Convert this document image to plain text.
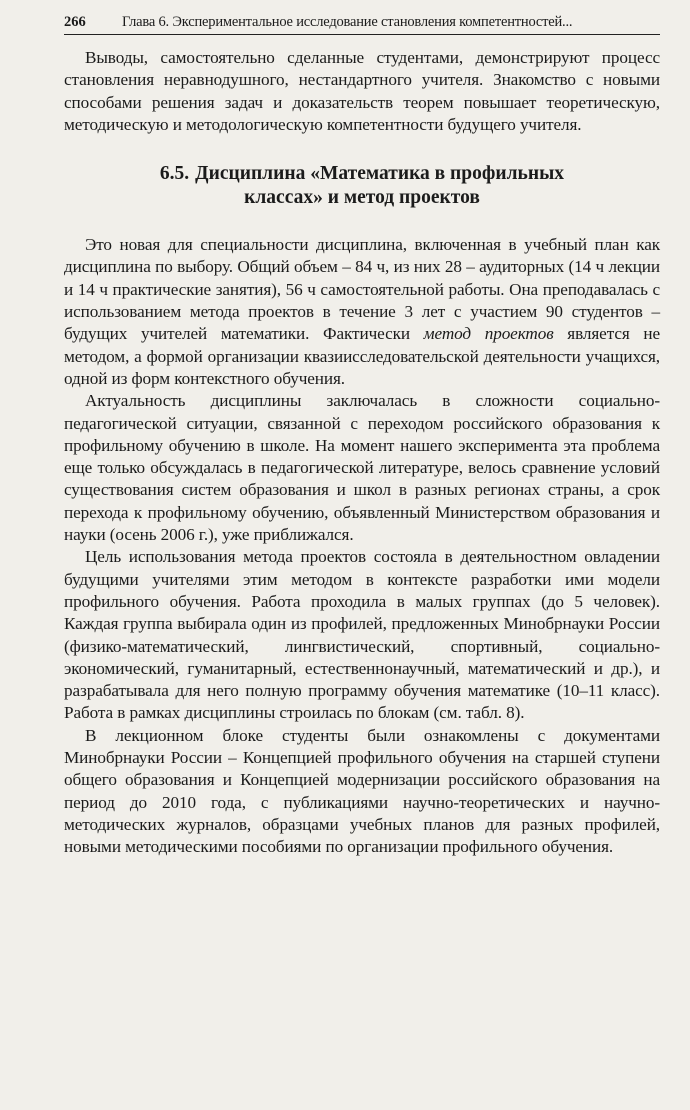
266	Глава 6. Экспериментальное исследование становления компетентностей...

Выводы, самостоятельно сделанные студентами, демонстрируют процесс становления неравнодушного, нестандартного учителя. Знакомство с новыми способами решения задач и доказательств теорем повышает теоретическую, методическую и методологическую компетентности будущего учителя.

6.5. Дисциплина «Математика в профильных классах» и метод проектов

Это новая для специальности дисциплина, включенная в учебный план как дисциплина по выбору. Общий объем – 84 ч, из них 28 – аудиторных (14 ч лекции и 14 ч практические занятия), 56 ч самостоятельной работы. Она преподавалась с использованием метода проектов в течение 3 лет с участием 90 студентов – будущих учителей математики. Фактически метод проектов является не методом, а формой организации квазиисследовательской деятельности учащихся, одной из форм контекстного обучения.

Актуальность дисциплины заключалась в сложности социально-педагогической ситуации, связанной с переходом российского образования к профильному обучению в школе. На момент нашего эксперимента эта проблема еще только обсуждалась в педагогической литературе, велось сравнение условий существования систем образования и школ в разных регионах страны, а срок перехода к профильному обучению, объявленный Министерством образования и науки (осень 2006 г.), уже приближался.

Цель использования метода проектов состояла в деятельностном овладении будущими учителями этим методом в контексте разработки ими модели профильного обучения. Работа проходила в малых группах (до 5 человек). Каждая группа выбирала один из профилей, предложенных Минобрнауки России (физико-математический, лингвистический, спортивный, социально-экономический, гуманитарный, естественнонаучный, математический и др.), и разрабатывала для него полную программу обучения математике (10–11 класс). Работа в рамках дисциплины строилась по блокам (см. табл. 8).

В лекционном блоке студенты были ознакомлены с документами Минобрнауки России – Концепцией профильного обучения на старшей ступени общего образования и Концепцией модернизации российского образования на период до 2010 года, с публикациями научно-теоретических и научно-методических журналов, образцами учебных планов для разных профилей, новыми методическими пособиями по организации профильного обучения.
